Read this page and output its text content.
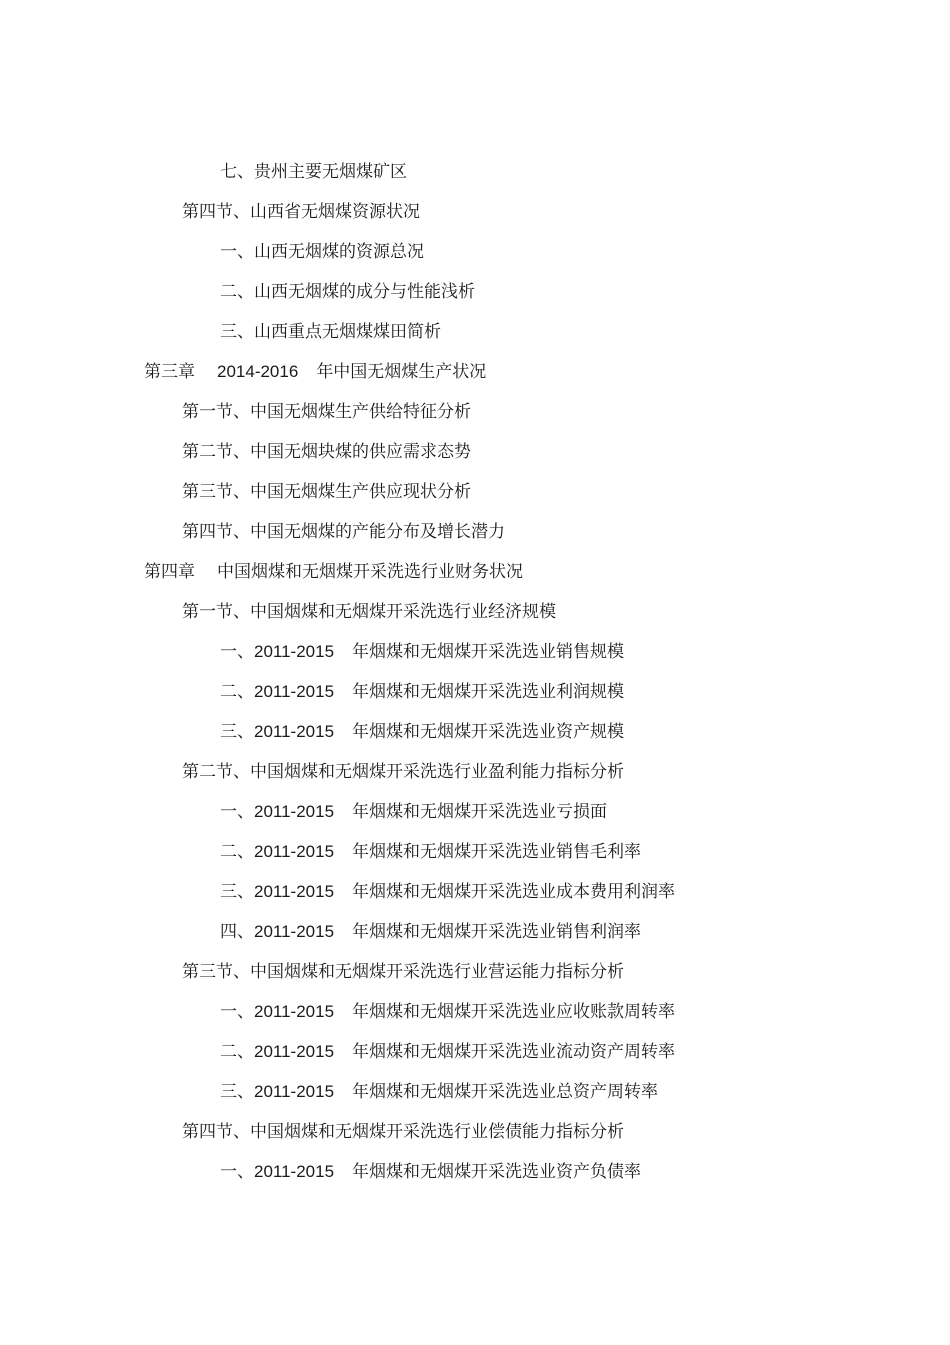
七、贵州主要无烟煤矿区
第四节、山西省无烟煤资源状况
一、山西无烟煤的资源总况
二、山西无烟煤的成分与性能浅析
三、山西重点无烟煤煤田简析
第三章 2014-2016 年中国无烟煤生产状况
第一节、中国无烟煤生产供给特征分析
第二节、中国无烟块煤的供应需求态势
第三节、中国无烟煤生产供应现状分析
第四节、中国无烟煤的产能分布及增长潜力
第四章 中国烟煤和无烟煤开采洗选行业财务状况
第一节、中国烟煤和无烟煤开采洗选行业经济规模
一、2011-2015 年烟煤和无烟煤开采洗选业销售规模
二、2011-2015 年烟煤和无烟煤开采洗选业利润规模
三、2011-2015 年烟煤和无烟煤开采洗选业资产规模
第二节、中国烟煤和无烟煤开采洗选行业盈利能力指标分析
一、2011-2015 年烟煤和无烟煤开采洗选业亏损面
二、2011-2015 年烟煤和无烟煤开采洗选业销售毛利率
三、2011-2015 年烟煤和无烟煤开采洗选业成本费用利润率
四、2011-2015 年烟煤和无烟煤开采洗选业销售利润率
第三节、中国烟煤和无烟煤开采洗选行业营运能力指标分析
一、2011-2015 年烟煤和无烟煤开采洗选业应收账款周转率
二、2011-2015 年烟煤和无烟煤开采洗选业流动资产周转率
三、2011-2015 年烟煤和无烟煤开采洗选业总资产周转率
第四节、中国烟煤和无烟煤开采洗选行业偿债能力指标分析
一、2011-2015 年烟煤和无烟煤开采洗选业资产负债率
